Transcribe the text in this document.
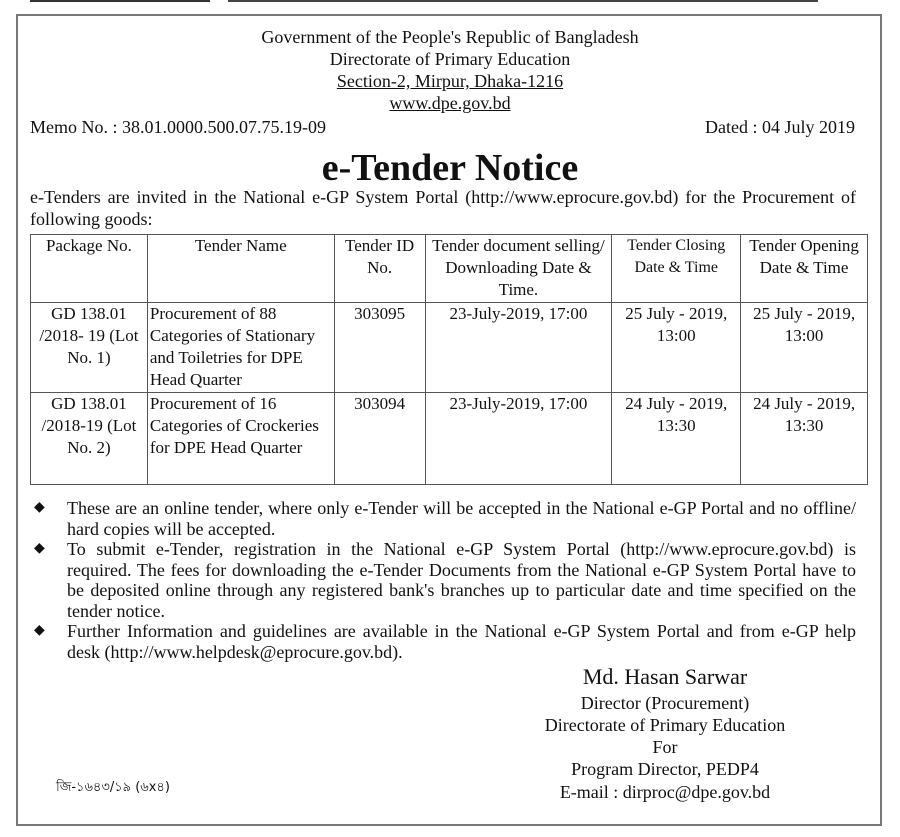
Government of the People's Republic of Bangladesh
Directorate of Primary Education
Section-2, Mirpur, Dhaka-1216
www.dpe.gov.bd
Memo No. : 38.01.0000.500.07.75.19-09	Dated : 04 July 2019
e-Tender Notice
e-Tenders are invited in the National e-GP System Portal (http://www.eprocure.gov.bd) for the Procurement of following goods:
Package No.	Tender Name	Tender ID No.	Tender document selling/ Downloading Date & Time.	Tender Closing Date & Time	Tender Opening Date & Time
GD 138.01 /2018- 19 (Lot No. 1)	Procurement of 88 Categories of Stationary and Toiletries for DPE Head Quarter	303095	23-July-2019, 17:00	25 July - 2019, 13:00	25 July - 2019, 13:00
GD 138.01 /2018-19 (Lot No. 2)	Procurement of 16 Categories of Crockeries for DPE Head Quarter	303094	23-July-2019, 17:00	24 July - 2019, 13:30	24 July - 2019, 13:30
◆	These are an online tender, where only e-Tender will be accepted in the National e-GP Portal and no offline/ hard copies will be accepted.
◆	To submit e-Tender, registration in the National e-GP System Portal (http://www.eprocure.gov.bd) is required. The fees for downloading the e-Tender Documents from the National e-GP System Portal have to be deposited online through any registered bank's branches up to particular date and time specified on the tender notice.
◆	Further Information and guidelines are available in the National e-GP System Portal and from e-GP help desk (http://www.helpdesk@eprocure.gov.bd).
Md. Hasan Sarwar
Director (Procurement)
Directorate of Primary Education
For
Program Director, PEDP4
E-mail : dirproc@dpe.gov.bd
জি-১৬৪৩/১৯ (৬x৪)
